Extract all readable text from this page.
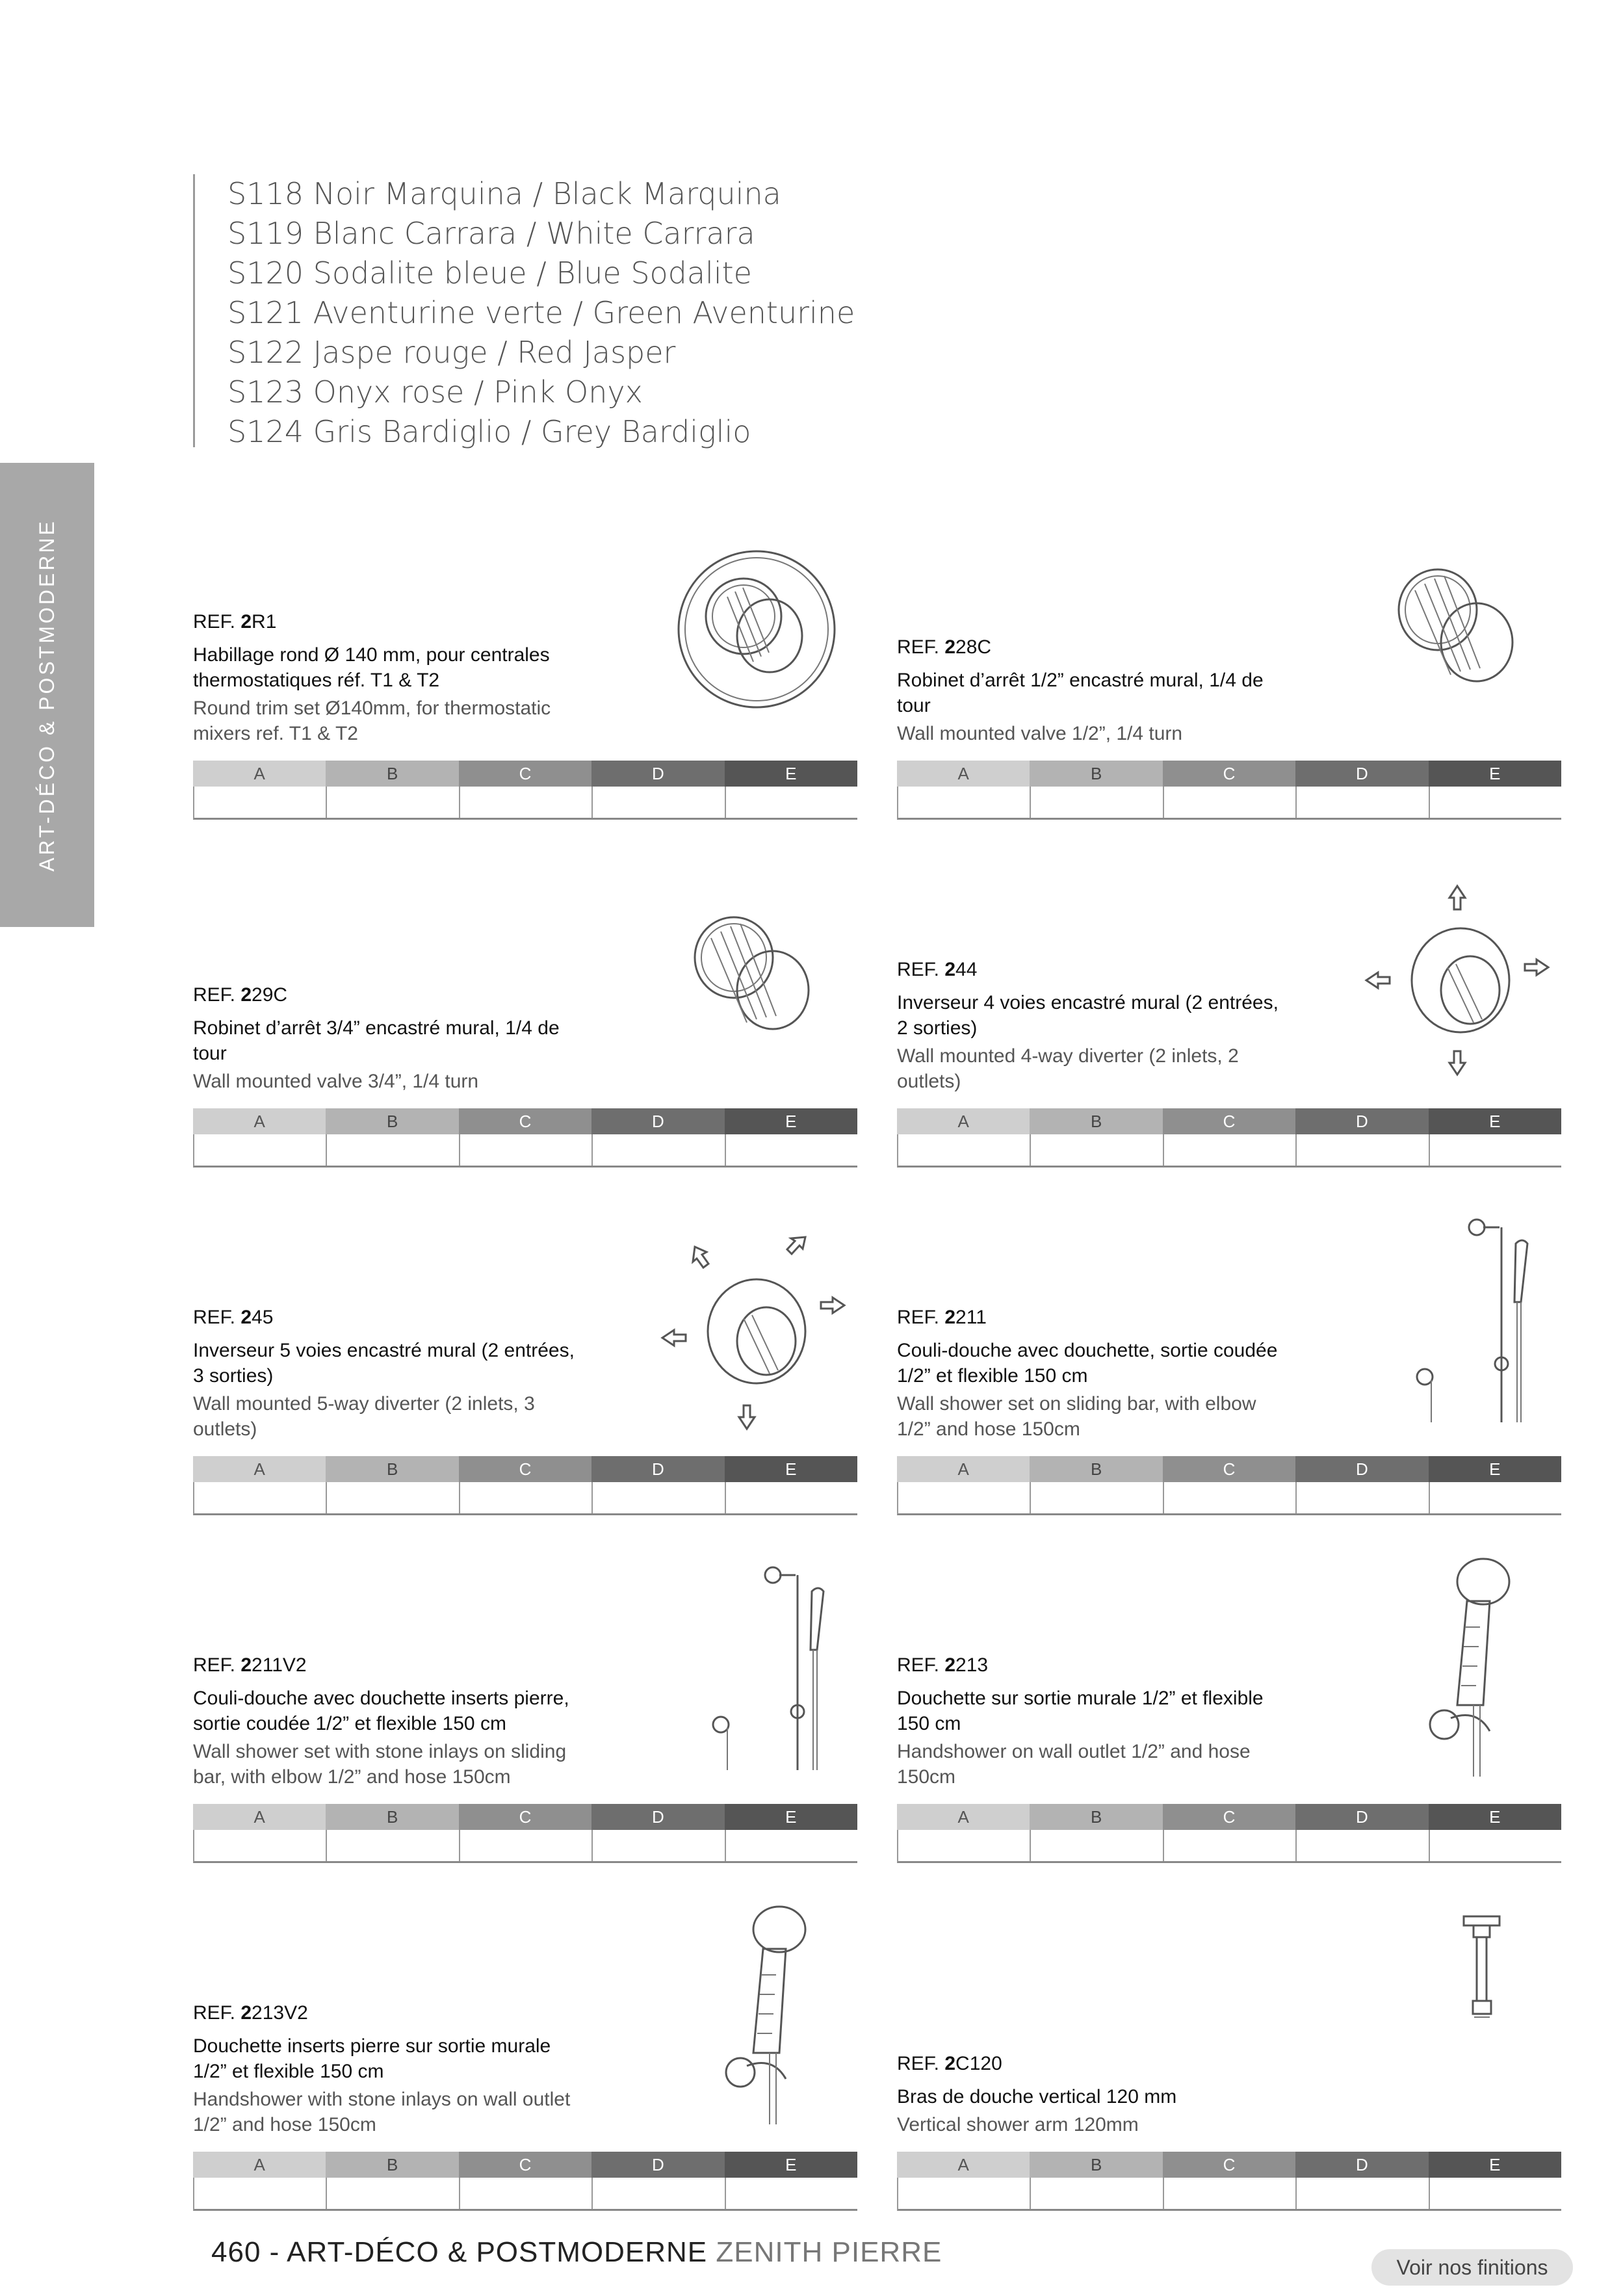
S118 Noir Marquina / Black Marquina
S119 Blanc Carrara / White Carrara
S120 Sodalite bleue / Blue Sodalite
S121 Aventurine verte / Green Aventurine
S122 Jaspe rouge / Red Jasper
S123 Onyx rose / Pink Onyx
S124 Gris Bardiglio / Grey Bardiglio
ART-DÉCO & POSTMODERNE	REF. 2R1
Habillage rond Ø 140 mm, pour centrales thermostatiques réf. T1 & T2
Round trim set Ø140mm, for thermostatic mixers ref. T1 & T2
A	B	C	D	E
REF. 228C
Robinet d’arrêt 1/2” encastré mural, 1/4 de tour
Wall mounted valve 1/2”, 1/4 turn
A	B	C	D	E
REF. 229C
Robinet d’arrêt 3/4” encastré mural, 1/4 de tour
Wall mounted valve 3/4”, 1/4 turn
A	B	C	D	E
REF. 244
Inverseur 4 voies encastré mural (2 entrées, 2 sorties)
Wall mounted 4-way diverter (2 inlets, 2 outlets)
A	B	C	D	E
REF. 245
Inverseur 5 voies encastré mural (2 entrées, 3 sorties)
Wall mounted 5-way diverter (2 inlets, 3 outlets)
A	B	C	D	E
REF. 2211
Couli-douche avec douchette, sortie coudée 1/2” et flexible 150 cm
Wall shower set on sliding bar, with elbow 1/2” and hose 150cm
A	B	C	D	E
REF. 2211V2
Couli-douche avec douchette inserts pierre, sortie coudée 1/2” et flexible 150 cm
Wall shower set with stone inlays on sliding bar, with elbow 1/2” and hose 150cm
A	B	C	D	E
REF. 2213
Douchette sur sortie murale 1/2” et flexible 150 cm
Handshower on wall outlet 1/2” and hose 150cm
A	B	C	D	E
REF. 2213V2
Douchette inserts pierre sur sortie murale 1/2” et flexible 150 cm
Handshower with stone inlays on wall outlet 1/2” and hose 150cm
A	B	C	D	E
REF. 2C120
Bras de douche vertical 120 mm
Vertical shower arm 120mm
A	B	C	D	E
460 - ART-DÉCO & POSTMODERNE ZENITH PIERRE	Voir nos finitions
